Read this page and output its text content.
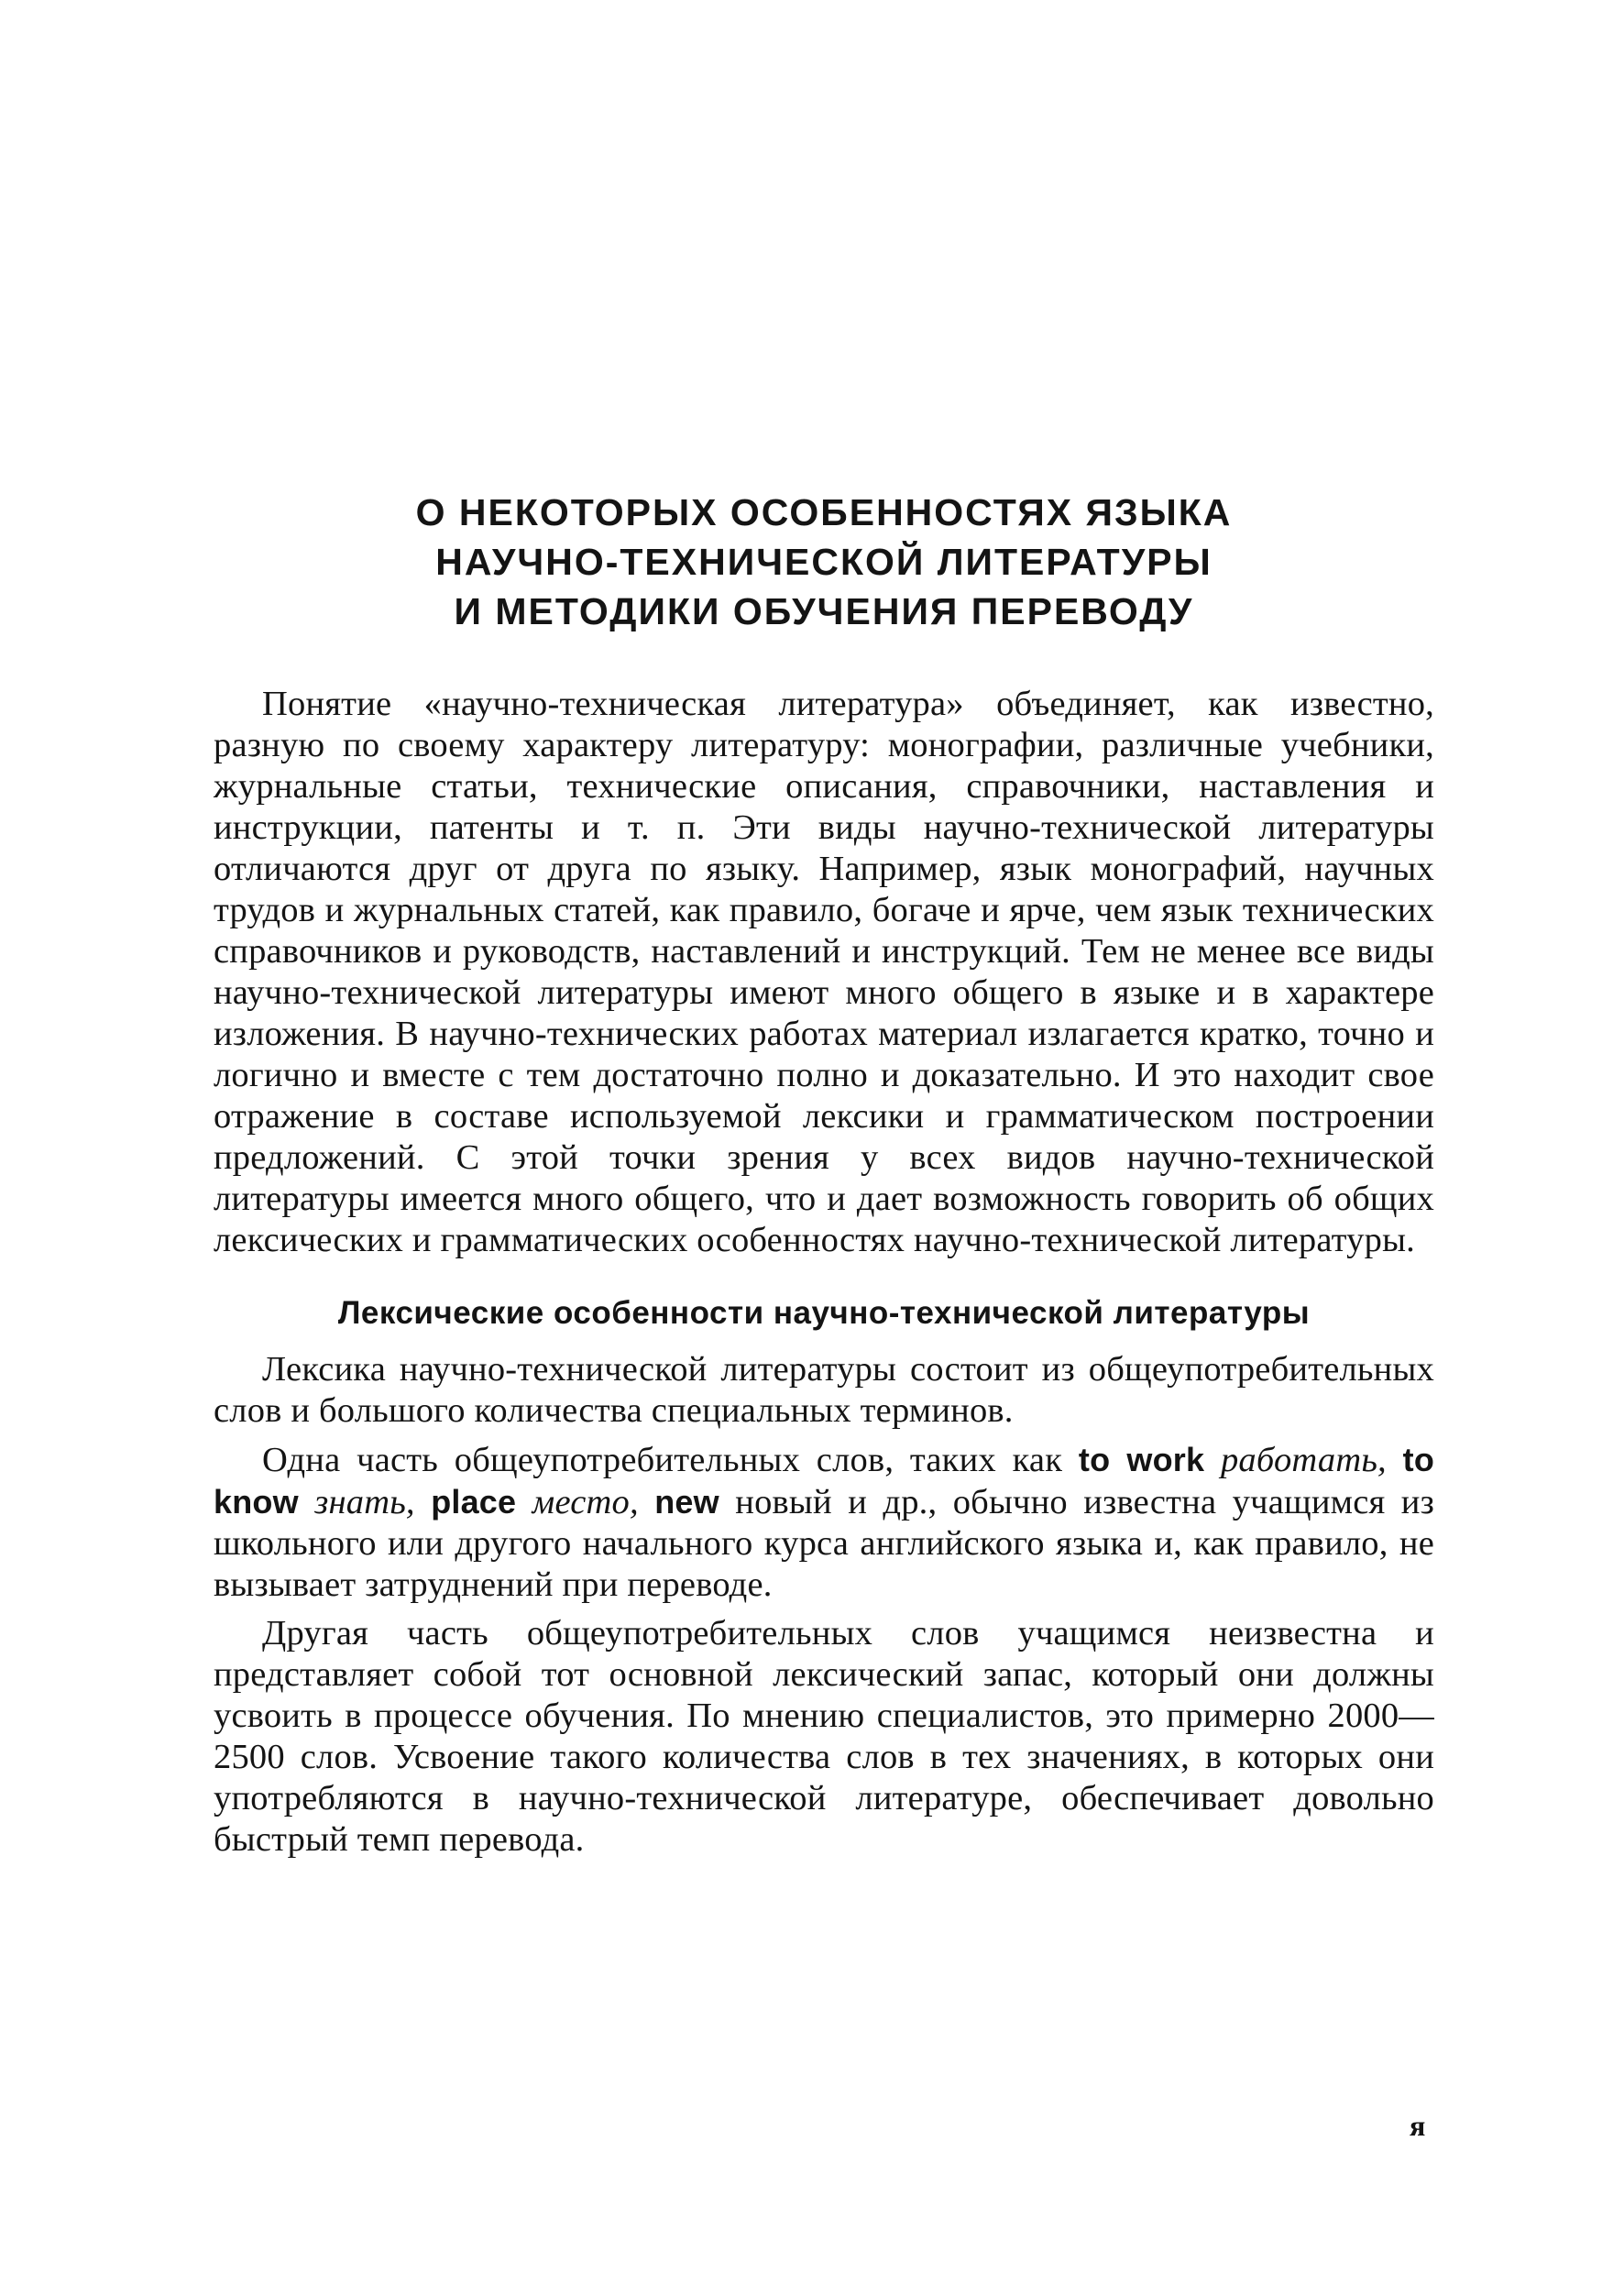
О НЕКОТОРЫХ ОСОБЕННОСТЯХ ЯЗЫКА
НАУЧНО-ТЕХНИЧЕСКОЙ ЛИТЕРАТУРЫ
И МЕТОДИКИ ОБУЧЕНИЯ ПЕРЕВОДУ

Понятие «научно-техническая литература» объединяет, как известно, разную по своему характеру литературу: монографии, различные учебники, журнальные статьи, технические описания, справочники, наставления и инструкции, патенты и т. п. Эти виды научно-технической литературы отличаются друг от друга по языку. Например, язык монографий, научных трудов и журнальных статей, как правило, богаче и ярче, чем язык технических справочников и руководств, наставлений и инструкций. Тем не менее все виды научно-технической литературы имеют много общего в языке и в характере изложения. В научно-технических работах материал излагается кратко, точно и логично и вместе с тем достаточно полно и доказательно. И это находит свое отражение в составе используемой лексики и грамматическом построении предложений. С этой точки зрения у всех видов научно-технической литературы имеется много общего, что и дает возможность говорить об общих лексических и грамматических особенностях научно-технической литературы.

Лексические особенности научно-технической литературы

Лексика научно-технической литературы состоит из общеупотребительных слов и большого количества специальных терминов.

Одна часть общеупотребительных слов, таких как to work работать, to know знать, place место, new новый и др., обычно известна учащимся из школьного или другого начального курса английского языка и, как правило, не вызывает затруднений при переводе.

Другая часть общеупотребительных слов учащимся неизвестна и представляет собой тот основной лексический запас, который они должны усвоить в процессе обучения. По мнению специалистов, это примерно 2000—2500 слов. Усвоение такого количества слов в тех значениях, в которых они употребляются в научно-технической литературе, обеспечивает довольно быстрый темп перевода.

я
